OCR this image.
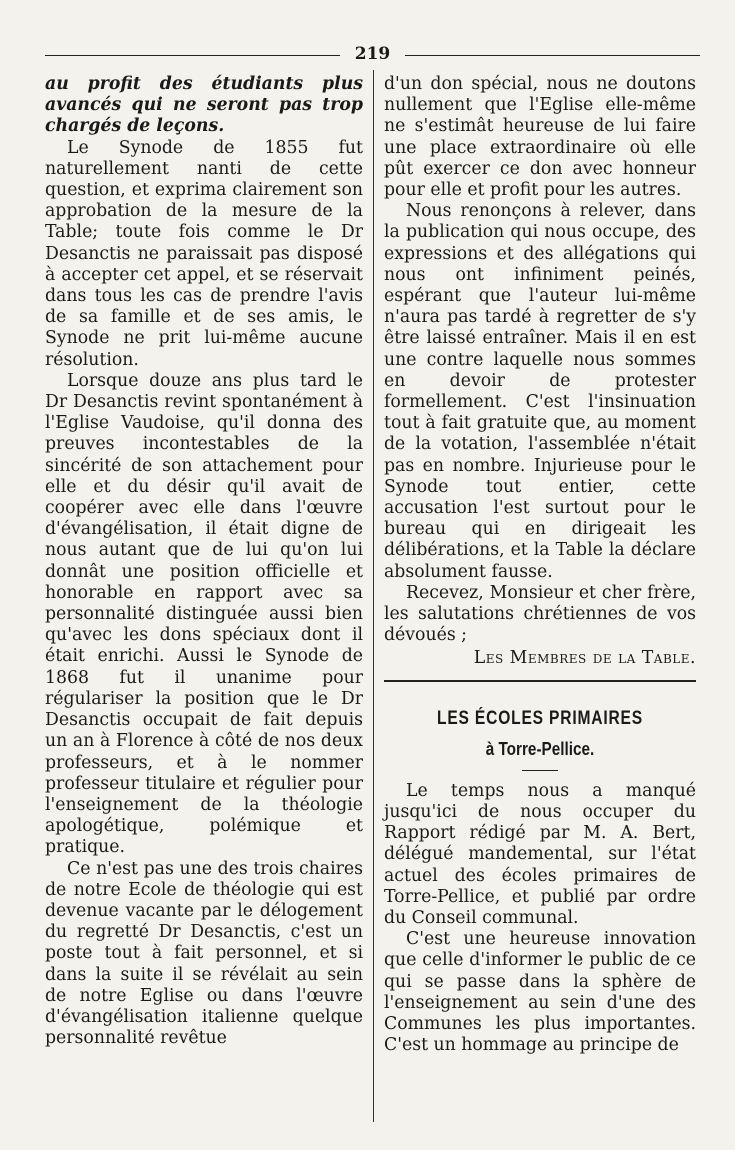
219

au profit des étudiants plus avancés qui ne seront pas trop chargés de leçons.

Le Synode de 1855 fut naturellement nanti de cette question, et exprima clairement son approbation de la mesure de la Table; toute fois comme le Dr Desanctis ne paraissait pas disposé à accepter cet appel, et se réservait dans tous les cas de prendre l'avis de sa famille et de ses amis, le Synode ne prit lui-même aucune résolution.

Lorsque douze ans plus tard le Dr Desanctis revint spontanément à l'Eglise Vaudoise, qu'il donna des preuves incontestables de la sincérité de son attachement pour elle et du désir qu'il avait de coopérer avec elle dans l'œuvre d'évangélisation, il était digne de nous autant que de lui qu'on lui donnât une position officielle et honorable en rapport avec sa personnalité distinguée aussi bien qu'avec les dons spéciaux dont il était enrichi. Aussi le Synode de 1868 fut il unanime pour régulariser la position que le Dr Desanctis occupait de fait depuis un an à Florence à côté de nos deux professeurs, et à le nommer professeur titulaire et régulier pour l'enseignement de la théologie apologétique, polémique et pratique.

Ce n'est pas une des trois chaires de notre Ecole de théologie qui est devenue vacante par le délogement du regretté Dr Desanctis, c'est un poste tout à fait personnel, et si dans la suite il se révélait au sein de notre Eglise ou dans l'œuvre d'évangélisation italienne quelque personnalité revêtue

d'un don spécial, nous ne doutons nullement que l'Eglise elle-même ne s'estimât heureuse de lui faire une place extraordinaire où elle pût exercer ce don avec honneur pour elle et profit pour les autres.

Nous renonçons à relever, dans la publication qui nous occupe, des expressions et des allégations qui nous ont infiniment peinés, espérant que l'auteur lui-même n'aura pas tardé à regretter de s'y être laissé entraîner. Mais il en est une contre laquelle nous sommes en devoir de protester formellement. C'est l'insinuation tout à fait gratuite que, au moment de la votation, l'assemblée n'était pas en nombre. Injurieuse pour le Synode tout entier, cette accusation l'est surtout pour le bureau qui en dirigeait les délibérations, et la Table la déclare absolument fausse.

Recevez, Monsieur et cher frère, les salutations chrétiennes de vos dévoués ;

Les Membres de la Table.

LES ÉCOLES PRIMAIRES

à Torre-Pellice.

Le temps nous a manqué jusqu'ici de nous occuper du Rapport rédigé par M. A. Bert, délégué mandemental, sur l'état actuel des écoles primaires de Torre-Pellice, et publié par ordre du Conseil communal.

C'est une heureuse innovation que celle d'informer le public de ce qui se passe dans la sphère de l'enseignement au sein d'une des Communes les plus importantes. C'est un hommage au principe de
